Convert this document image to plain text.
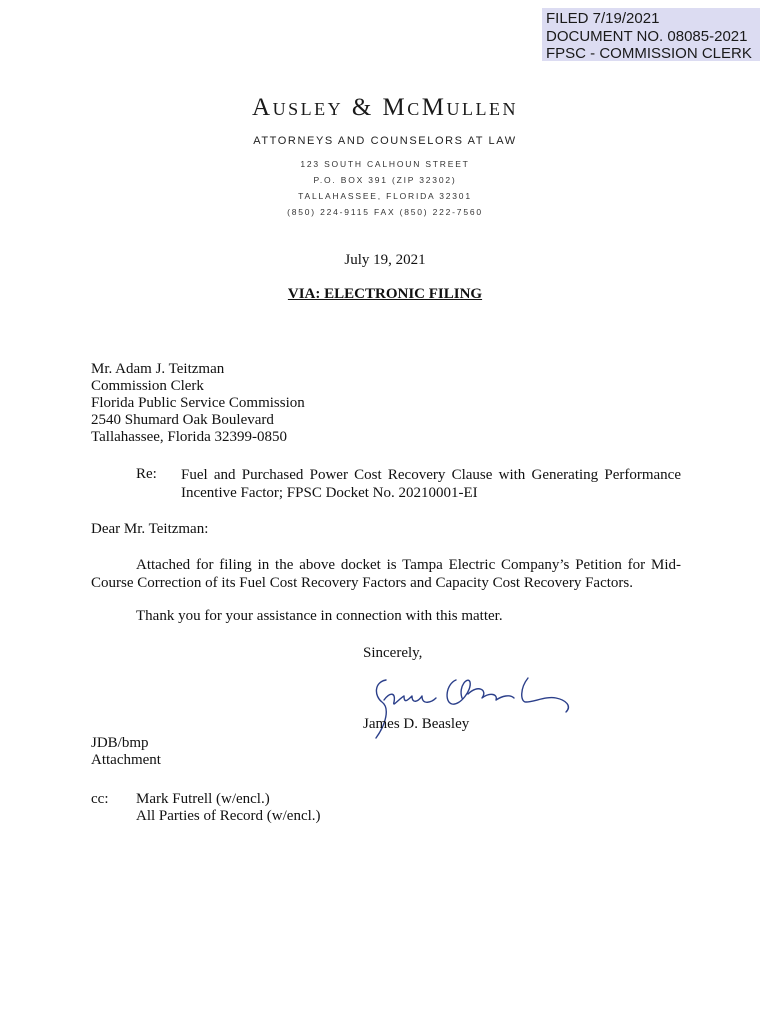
FILED 7/19/2021
DOCUMENT NO. 08085-2021
FPSC - COMMISSION CLERK
Ausley & McMullen
ATTORNEYS AND COUNSELORS AT LAW
123 SOUTH CALHOUN STREET
P.O. BOX 391 (ZIP 32302)
TALLAHASSEE, FLORIDA 32301
(850) 224-9115 FAX (850) 222-7560
July 19, 2021
VIA: ELECTRONIC FILING
Mr. Adam J. Teitzman
Commission Clerk
Florida Public Service Commission
2540 Shumard Oak Boulevard
Tallahassee, Florida 32399-0850
Re: Fuel and Purchased Power Cost Recovery Clause with Generating Performance Incentive Factor; FPSC Docket No. 20210001-EI
Dear Mr. Teitzman:
Attached for filing in the above docket is Tampa Electric Company’s Petition for Mid-Course Correction of its Fuel Cost Recovery Factors and Capacity Cost Recovery Factors.
Thank you for your assistance in connection with this matter.
Sincerely,
James D. Beasley
JDB/bmp
Attachment
cc: Mark Futrell (w/encl.)
All Parties of Record (w/encl.)
